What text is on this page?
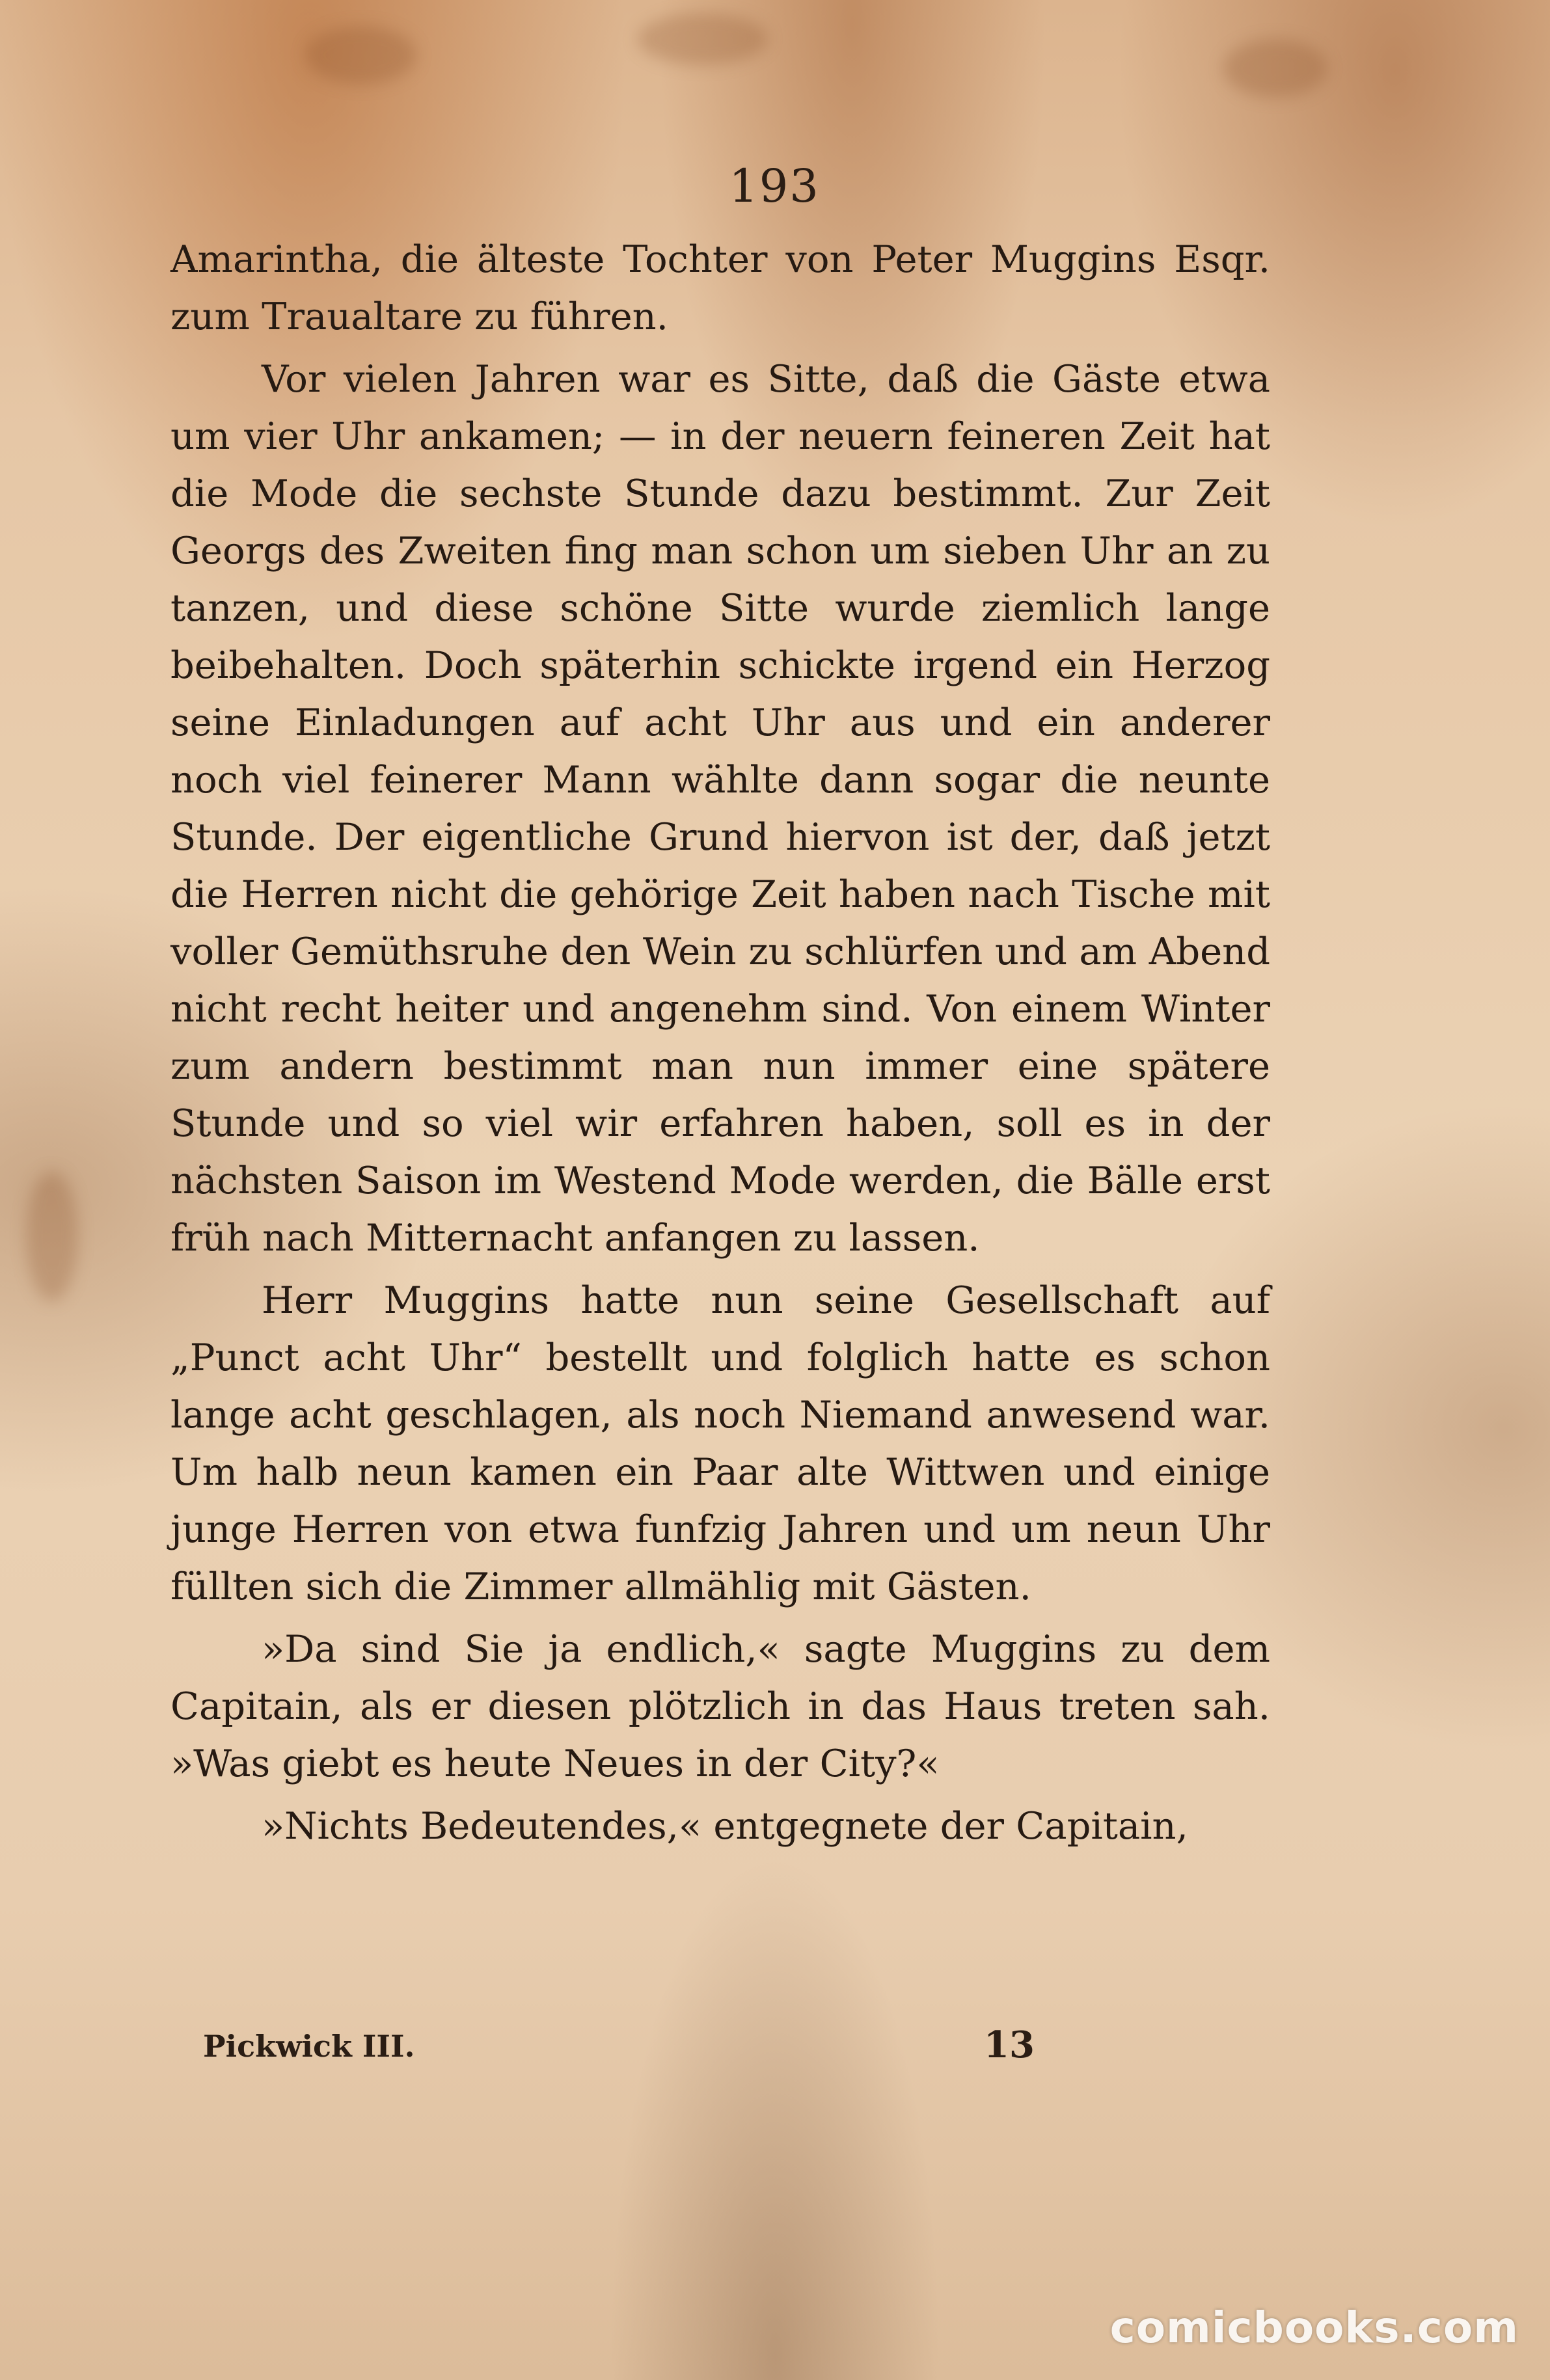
193

Amarintha, die älteste Tochter von Peter Muggins Esqr. zum Traualtare zu führen.

Vor vielen Jahren war es Sitte, daß die Gäste etwa um vier Uhr ankamen; — in der neuern feineren Zeit hat die Mode die sechste Stunde dazu bestimmt. Zur Zeit Georgs des Zweiten fing man schon um sieben Uhr an zu tanzen, und diese schöne Sitte wurde ziemlich lange beibehalten. Doch späterhin schickte irgend ein Herzog seine Einladungen auf acht Uhr aus und ein anderer noch viel feinerer Mann wählte dann sogar die neunte Stunde. Der eigentliche Grund hiervon ist der, daß jetzt die Herren nicht die gehörige Zeit haben nach Tische mit voller Gemüthsruhe den Wein zu schlürfen und am Abend nicht recht heiter und angenehm sind. Von einem Winter zum andern bestimmt man nun immer eine spätere Stunde und so viel wir erfahren haben, soll es in der nächsten Saison im Westend Mode werden, die Bälle erst früh nach Mitternacht anfangen zu lassen.

Herr Muggins hatte nun seine Gesellschaft auf „Punct acht Uhr“ bestellt und folglich hatte es schon lange acht geschlagen, als noch Niemand anwesend war. Um halb neun kamen ein Paar alte Wittwen und einige junge Herren von etwa funfzig Jahren und um neun Uhr füllten sich die Zimmer allmählig mit Gästen.

»Da sind Sie ja endlich,« sagte Muggins zu dem Capitain, als er diesen plötzlich in das Haus treten sah. »Was giebt es heute Neues in der City?«

»Nichts Bedeutendes,« entgegnete der Capitain,

Pickwick III.	13
comicbooks.com
